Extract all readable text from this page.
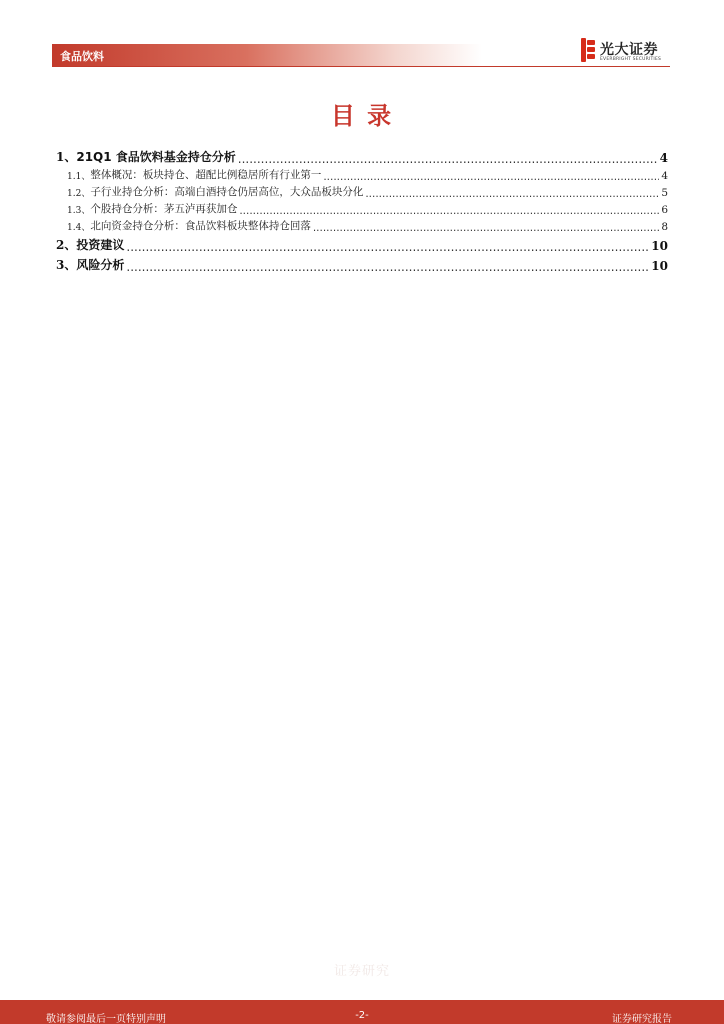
食品饮料	光大证券
EVERBRIGHT SECURITIES
目 录
1、 21Q1 食品饮料基金持仓分析 .....	4
1.1、 整体概况：板块持仓、超配比例稳居所有行业第一 .....	4
1.2、 子行业持仓分析：高端白酒持仓仍居高位，大众品板块分化 .....	5
1.3、 个股持仓分析：茅五泸再获加仓 .....	6
1.4、 北向资金持仓分析：食品饮料板块整体持仓回落 .....	8
2、 投资建议 .....	10
3、 风险分析 .....	10
证券研究
敬请参阅最后一页特别声明	-2-	证券研究报告
